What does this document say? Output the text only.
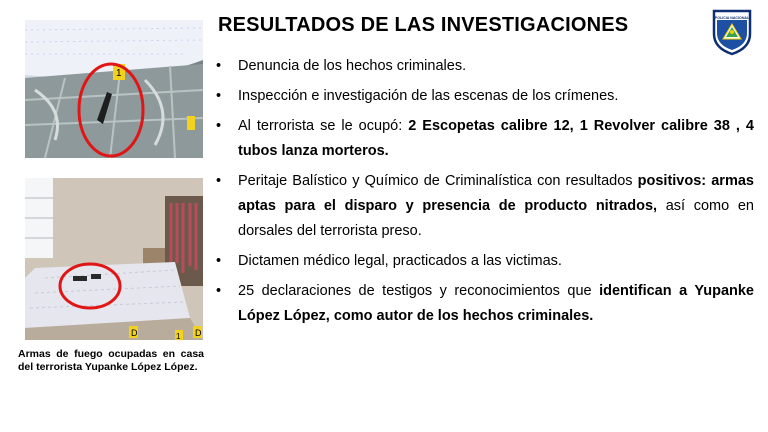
1
D	D
1
Armas de fuego ocupadas en casa del terrorista Yupanke López López.
RESULTADOS DE LAS INVESTIGACIONES	POLICIA NACIONAL
• Denuncia de los hechos criminales.
• Inspección e investigación de las escenas de los crímenes.
• Al terrorista se le ocupó: 2 Escopetas calibre 12, 1 Revolver calibre 38 , 4 tubos lanza morteros.
• Peritaje Balístico y Químico de Criminalística con resultados positivos: armas aptas para el disparo y presencia de producto nitrados, así como en dorsales del terrorista preso.
• Dictamen médico legal, practicados a las victimas.
• 25 declaraciones de testigos y reconocimientos que identifican a Yupanke López López, como autor de los hechos criminales.
